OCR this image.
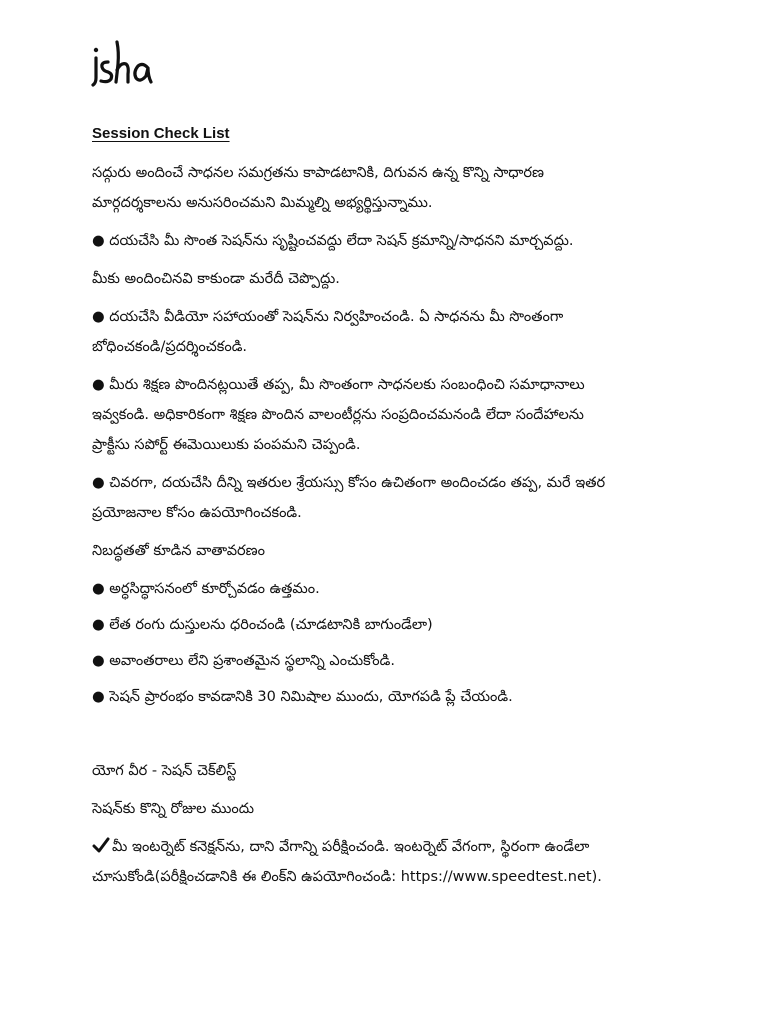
Session Check List
సద్గురు అందించే సాధనల సమగ్రతను కాపాడటానికి, దిగువన ఉన్న కొన్ని సాధారణ
మార్గదర్శకాలను అనుసరించమని మిమ్మల్ని అభ్యర్థిస్తున్నాము.
● దయచేసి మీ సొంత సెషన్‌ను సృష్టించవద్దు లేదా సెషన్ క్రమాన్ని/సాధనని మార్చవద్దు.
మీకు అందించినవి కాకుండా మరేదీ చెప్పొద్దు.
● దయచేసి వీడియో సహాయంతో సెషన్‌ను నిర్వహించండి. ఏ సాధనను మీ సొంతంగా
బోధించకండి/ప్రదర్శించకండి.
● మీరు శిక్షణ పొందినట్లయితే తప్ప, మీ సొంతంగా సాధనలకు సంబంధించి సమాధానాలు
ఇవ్వకండి. అధికారికంగా శిక్షణ పొందిన వాలంటీర్లను సంప్రదించమనండి లేదా సందేహాలను
ప్రాక్టీసు సపోర్ట్ ఈమెయిలుకు పంపమని చెప్పండి.
● చివరగా, దయచేసి దీన్ని ఇతరుల శ్రేయస్సు కోసం ఉచితంగా అందించడం తప్ప, మరే ఇతర
ప్రయోజనాల కోసం ఉపయోగించకండి.
నిబద్ధతతో కూడిన వాతావరణం
● అర్ధసిద్ధాసనంలో కూర్చోవడం ఉత్తమం.
● లేత రంగు దుస్తులను ధరించండి (చూడటానికి బాగుండేలా)
● అవాంతరాలు లేని ప్రశాంతమైన స్థలాన్ని ఎంచుకోండి.
● సెషన్ ప్రారంభం కావడానికి 30 నిమిషాల ముందు, యోగపడి ప్లే చేయండి.
యోగ వీర - సెషన్ చెక్‌లిస్ట్
సెషన్‌కు కొన్ని రోజుల ముందు
మీ ఇంటర్నెట్ కనెక్షన్‌ను, దాని వేగాన్ని పరీక్షించండి. ఇంటర్నెట్ వేగంగా, స్థిరంగా ఉండేలా
చూసుకోండి(పరీక్షించడానికి ఈ లింక్‌ని ఉపయోగించండి: https://www.speedtest.net).
